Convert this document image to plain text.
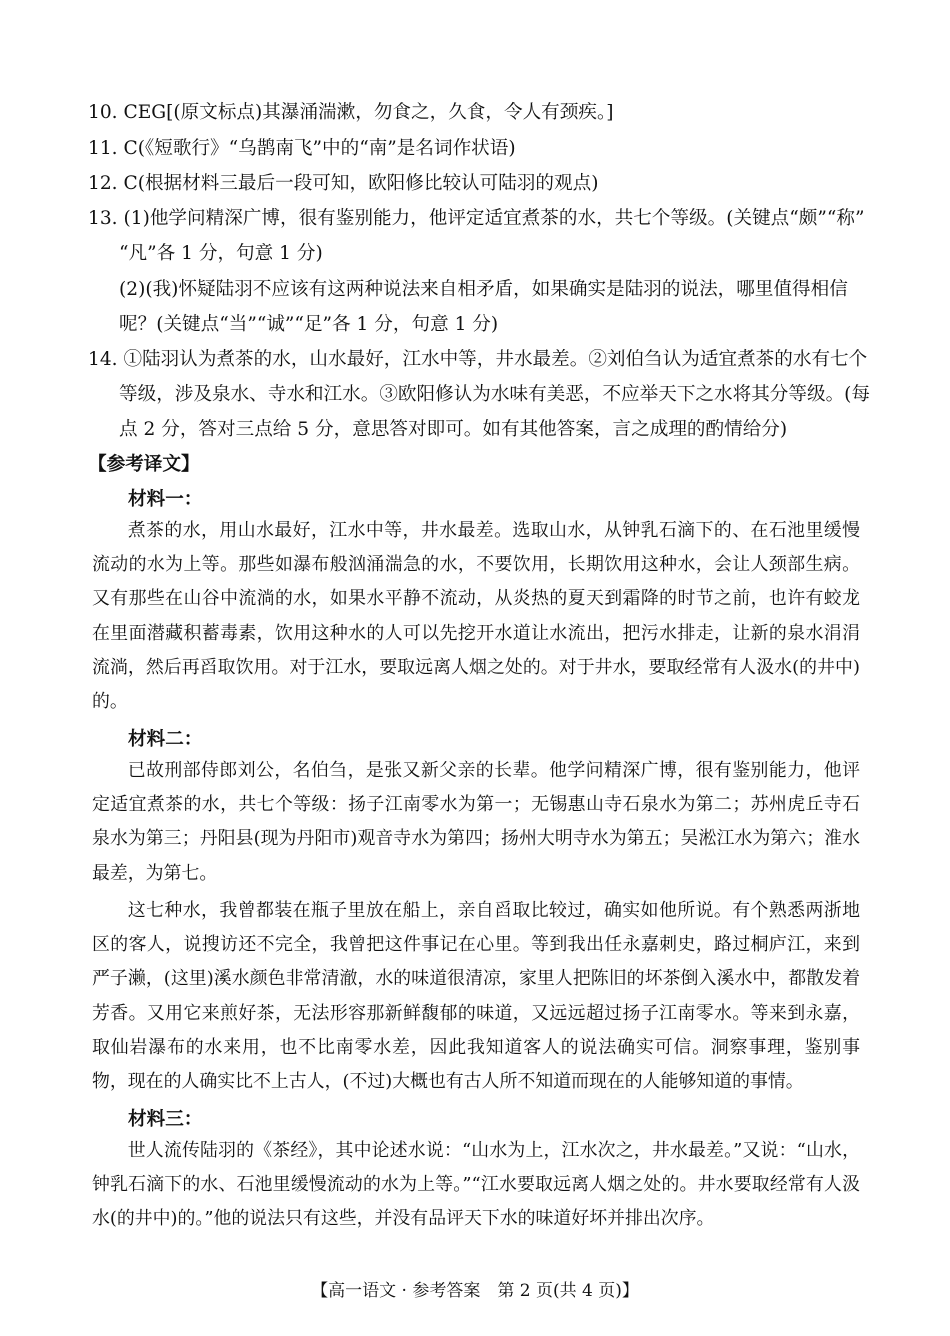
10. CEG[(原文标点)其瀑涌湍漱，勿食之，久食，令人有颈疾。]
11. C(《短歌行》“乌鹊南飞”中的“南”是名词作状语)
12. C(根据材料三最后一段可知，欧阳修比较认可陆羽的观点)
13. (1)他学问精深广博，很有鉴别能力，他评定适宜煮茶的水，共七个等级。(关键点“颇”“称”
“凡”各 1 分，句意 1 分)
(2)(我)怀疑陆羽不应该有这两种说法来自相矛盾，如果确实是陆羽的说法，哪里值得相信
呢？(关键点“当”“诚”“足”各 1 分，句意 1 分)
14. ①陆羽认为煮茶的水，山水最好，江水中等，井水最差。②刘伯刍认为适宜煮茶的水有七个
等级，涉及泉水、寺水和江水。③欧阳修认为水味有美恶，不应举天下之水将其分等级。(每
点 2 分，答对三点给 5 分，意思答对即可。如有其他答案，言之成理的酌情给分)
【参考译文】
材料一：
煮茶的水，用山水最好，江水中等，井水最差。选取山水，从钟乳石滴下的、在石池里缓慢流动的水为上等。那些如瀑布般汹涌湍急的水，不要饮用，长期饮用这种水，会让人颈部生病。又有那些在山谷中流淌的水，如果水平静不流动，从炎热的夏天到霜降的时节之前，也许有蛟龙在里面潜藏积蓄毒素，饮用这种水的人可以先挖开水道让水流出，把污水排走，让新的泉水涓涓流淌，然后再舀取饮用。对于江水，要取远离人烟之处的。对于井水，要取经常有人汲水(的井中)的。
材料二：
已故刑部侍郎刘公，名伯刍，是张又新父亲的长辈。他学问精深广博，很有鉴别能力，他评定适宜煮茶的水，共七个等级：扬子江南零水为第一；无锡惠山寺石泉水为第二；苏州虎丘寺石泉水为第三；丹阳县(现为丹阳市)观音寺水为第四；扬州大明寺水为第五；吴淞江水为第六；淮水最差，为第七。
这七种水，我曾都装在瓶子里放在船上，亲自舀取比较过，确实如他所说。有个熟悉两浙地区的客人，说搜访还不完全，我曾把这件事记在心里。等到我出任永嘉刺史，路过桐庐江，来到严子濑，(这里)溪水颜色非常清澈，水的味道很清凉，家里人把陈旧的坏茶倒入溪水中，都散发着芳香。又用它来煎好茶，无法形容那新鲜馥郁的味道，又远远超过扬子江南零水。等来到永嘉，取仙岩瀑布的水来用，也不比南零水差，因此我知道客人的说法确实可信。洞察事理，鉴别事物，现在的人确实比不上古人，(不过)大概也有古人所不知道而现在的人能够知道的事情。
材料三：
世人流传陆羽的《茶经》，其中论述水说：“山水为上，江水次之，井水最差。”又说：“山水，钟乳石滴下的水、石池里缓慢流动的水为上等。”“江水要取远离人烟之处的。井水要取经常有人汲水(的井中)的。”他的说法只有这些，并没有品评天下水的味道好坏并排出次序。
【高一语文 · 参考答案　第 2 页(共 4 页)】
